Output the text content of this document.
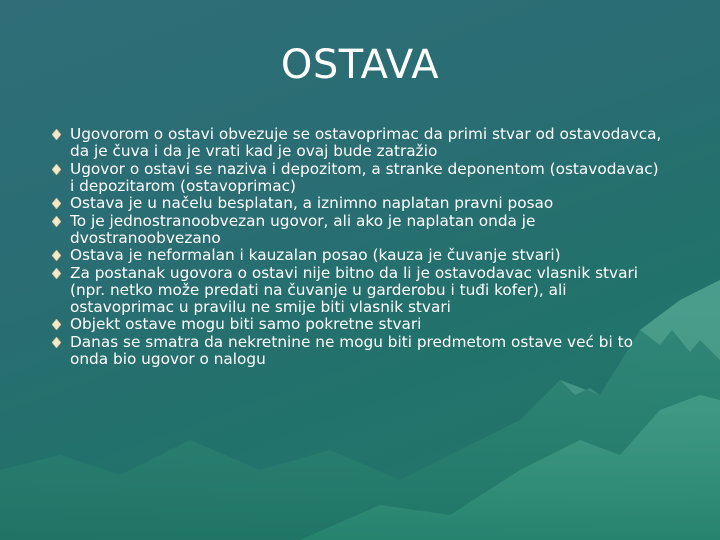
OSTAVA
Ugovorom o ostavi obvezuje se ostavoprimac da primi stvar od ostavodavca, da je čuva i da je vrati kad je ovaj bude zatražio
Ugovor o ostavi se naziva i depozitom, a stranke deponentom (ostavodavac) i depozitarom (ostavoprimac)
Ostava je u načelu besplatan, a iznimno naplatan pravni posao
To je jednostranoobvezan ugovor, ali ako je naplatan onda je dvostranoobvezano
Ostava je neformalan i kauzalan posao (kauza je čuvanje stvari)
Za postanak ugovora o ostavi nije bitno da li je ostavodavac vlasnik stvari (npr. netko može predati na čuvanje u garderobu i tuđi kofer), ali ostavoprimac u pravilu ne smije biti vlasnik stvari
Objekt ostave mogu biti samo pokretne stvari
Danas se smatra da nekretnine ne mogu biti predmetom ostave već bi to onda bio ugovor o nalogu
